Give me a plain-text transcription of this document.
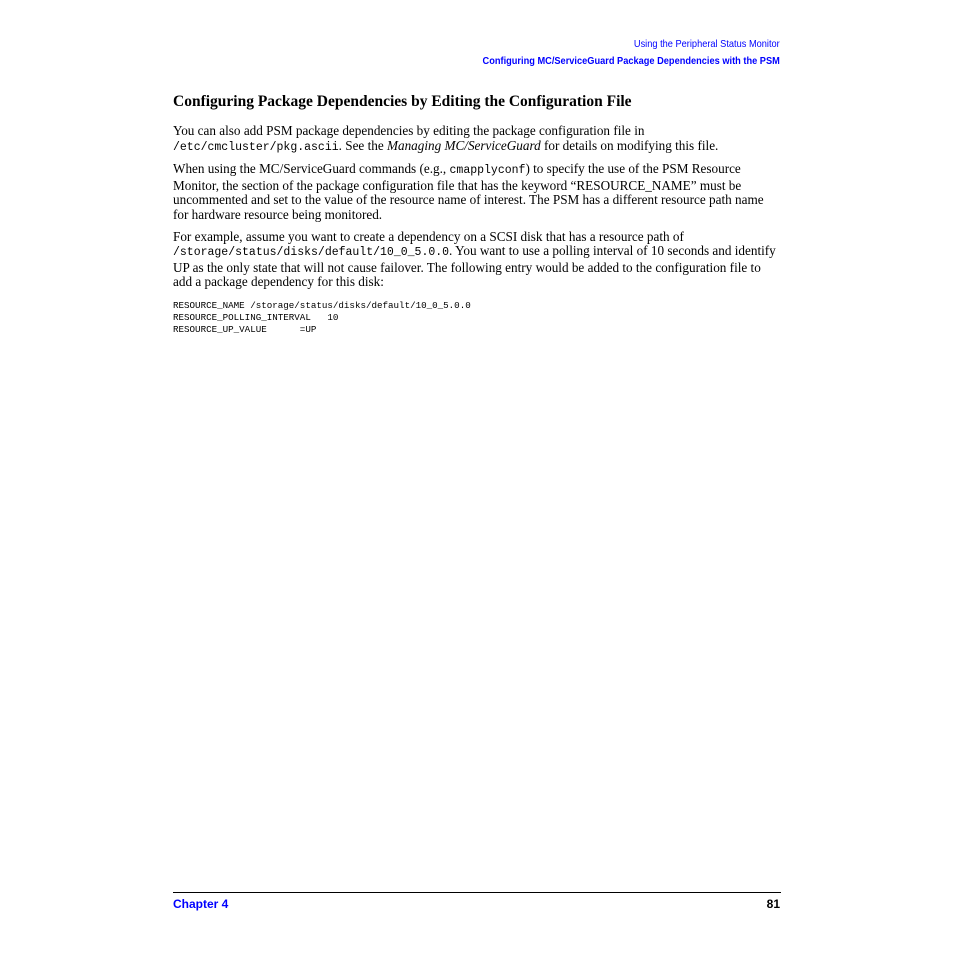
Using the Peripheral Status Monitor
Configuring MC/ServiceGuard Package Dependencies with the PSM
Configuring Package Dependencies by Editing the Configuration File

You can also add PSM package dependencies by editing the package configuration file in
/etc/cmcluster/pkg.ascii. See the Managing MC/ServiceGuard for details on modifying this file.

When using the MC/ServiceGuard commands (e.g., cmapplyconf) to specify the use of the PSM Resource Monitor, the section of the package configuration file that has the keyword “RESOURCE_NAME” must be uncommented and set to the value of the resource name of interest. The PSM has a different resource path name for hardware resource being monitored.

For example, assume you want to create a dependency on a SCSI disk that has a resource path of
/storage/status/disks/default/10_0_5.0.0. You want to use a polling interval of 10 seconds and identify UP as the only state that will not cause failover. The following entry would be added to the configuration file to add a package dependency for this disk:

RESOURCE_NAME /storage/status/disks/default/10_0_5.0.0
RESOURCE_POLLING_INTERVAL   10
RESOURCE_UP_VALUE      =UP
Chapter 4	81
